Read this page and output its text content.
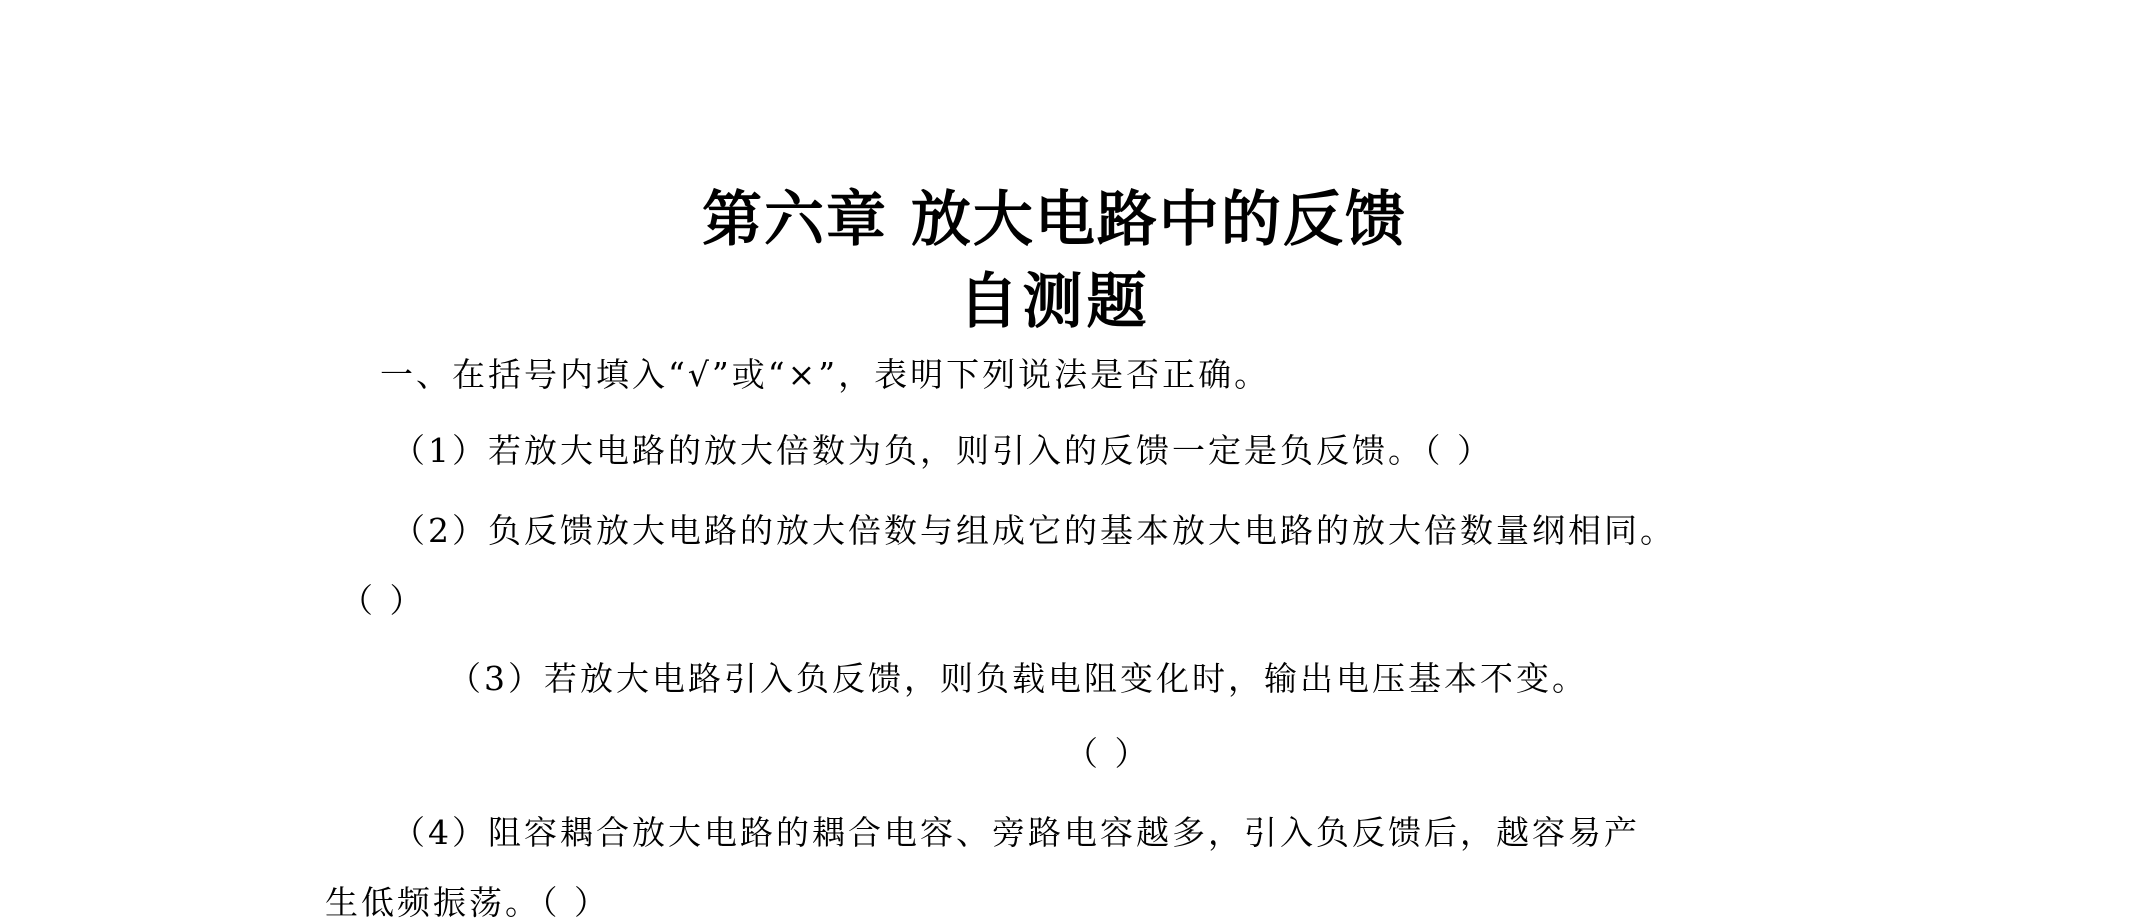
第六章 放大电路中的反馈
自测题
一、在括号内填入“√”或“×”，表明下列说法是否正确。
（1）若放大电路的放大倍数为负，则引入的反馈一定是负反馈。（ ）
（2）负反馈放大电路的放大倍数与组成它的基本放大电路的放大倍数量纲相同。
（ ）
（3）若放大电路引入负反馈，则负载电阻变化时，输出电压基本不变。
（ ）
（4）阻容耦合放大电路的耦合电容、旁路电容越多，引入负反馈后，越容易产
生低频振荡。（ ）
